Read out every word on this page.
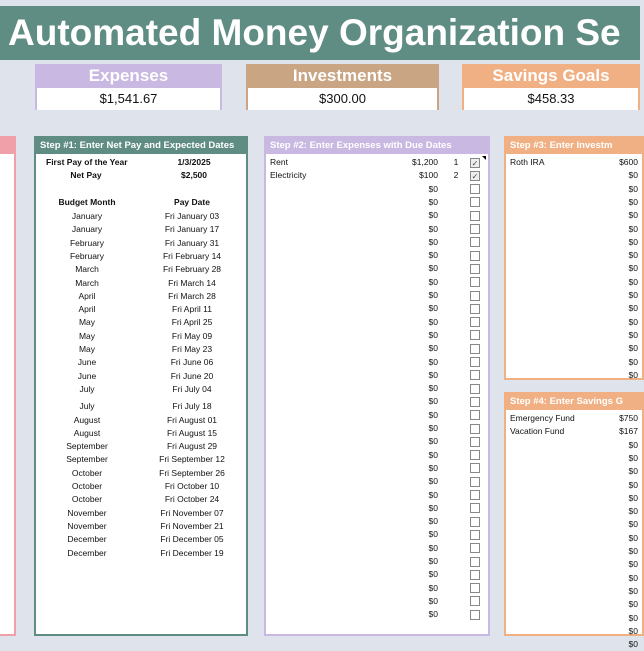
Automated Money Organization Se
Expenses
$1,541.67
Investments
$300.00
Savings Goals
$458.33
Step #1: Enter Net Pay and Expected Dates
First Pay of the Year	1/3/2025
Net Pay	$2,500
Budget Month	Pay Date
January	Fri January 03
January	Fri January 17
February	Fri January 31
February	Fri February 14
March	Fri February 28
March	Fri March 14
April	Fri March 28
April	Fri April 11
May	Fri April 25
May	Fri May 09
May	Fri May 23
June	Fri June 06
June	Fri June 20
July	Fri July 04
July	Fri July 18
August	Fri August 01
August	Fri August 15
September	Fri August 29
September	Fri September 12
October	Fri September 26
October	Fri October 10
October	Fri October 24
November	Fri November 07
November	Fri November 21
December	Fri December 05
December	Fri December 19
Step #2: Enter Expenses with Due Dates
Rent	$1,200	1	✓
Electricity	$100	2	✓
$0
$0
$0
$0
$0
$0
$0
$0
$0
$0
$0
$0
$0
$0
$0
$0
$0
$0
$0
$0
$0
$0
$0
$0
$0
$0
$0
$0
$0
$0
$0
$0
$0
Step #3: Enter Investm
Roth IRA	$600
$0
$0
$0
$0
$0
$0
$0
$0
$0
$0
$0
$0
$0
$0
$0
$0
Step #4: Enter Savings G
Emergency Fund	$750
Vacation Fund	$167
$0
$0
$0
$0
$0
$0
$0
$0
$0
$0
$0
$0
$0
$0
$0
$0
